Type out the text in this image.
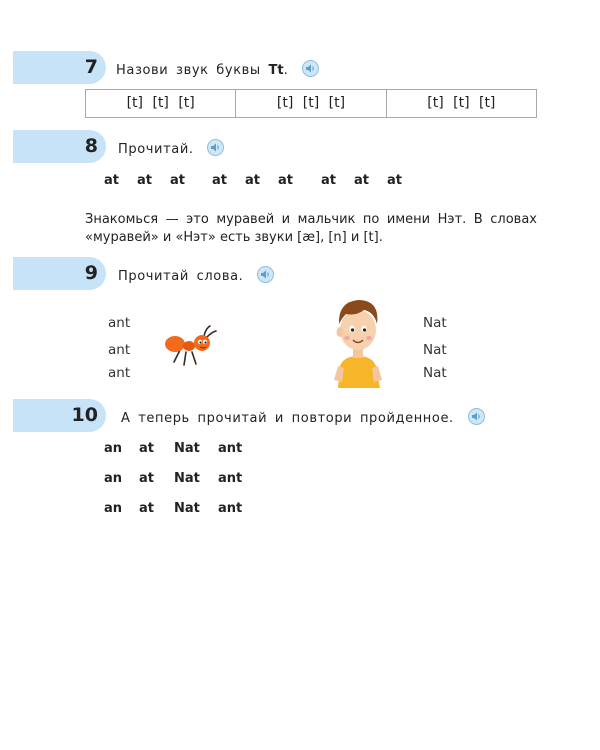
7 Назови звук буквы Tt.
[t] [t] [t]	[t] [t] [t]	[t] [t] [t]
8 Прочитай.
at at at at at at at at at

Знакомься — это муравей и мальчик по имени Нэт. В словах «муравей» и «Нэт» есть звуки [æ], [n] и [t].

9 Прочитай слова.
ant
ant
ant
Nat
Nat
Nat
10 А теперь прочитай и повтори пройденное.
an at Nat ant
an at Nat ant
an at Nat ant
